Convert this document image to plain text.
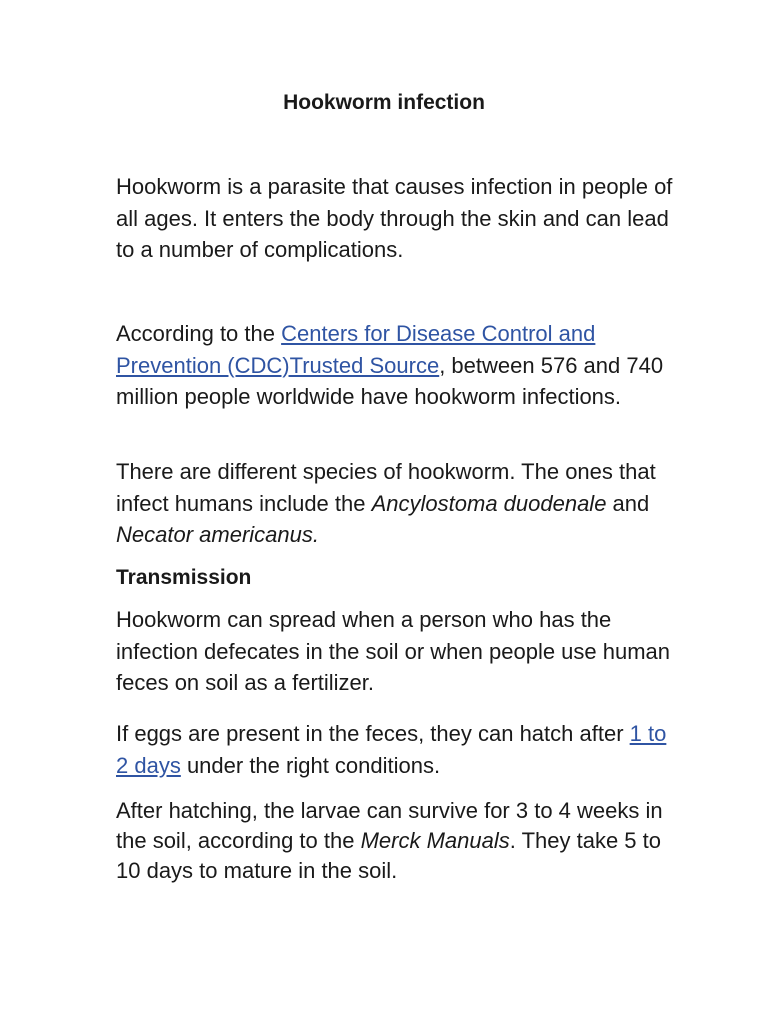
Hookworm infection

Hookworm is a parasite that causes infection in people of all ages. It enters the body through the skin and can lead to a number of complications.

According to the Centers for Disease Control and Prevention (CDC)Trusted Source, between 576 and 740 million people worldwide have hookworm infections.

There are different species of hookworm. The ones that infect humans include the Ancylostoma duodenale and Necator americanus.

Transmission

Hookworm can spread when a person who has the infection defecates in the soil or when people use human feces on soil as a fertilizer.

If eggs are present in the feces, they can hatch after 1 to 2 days under the right conditions.

After hatching, the larvae can survive for 3 to 4 weeks in the soil, according to the Merck Manuals. They take 5 to 10 days to mature in the soil.
